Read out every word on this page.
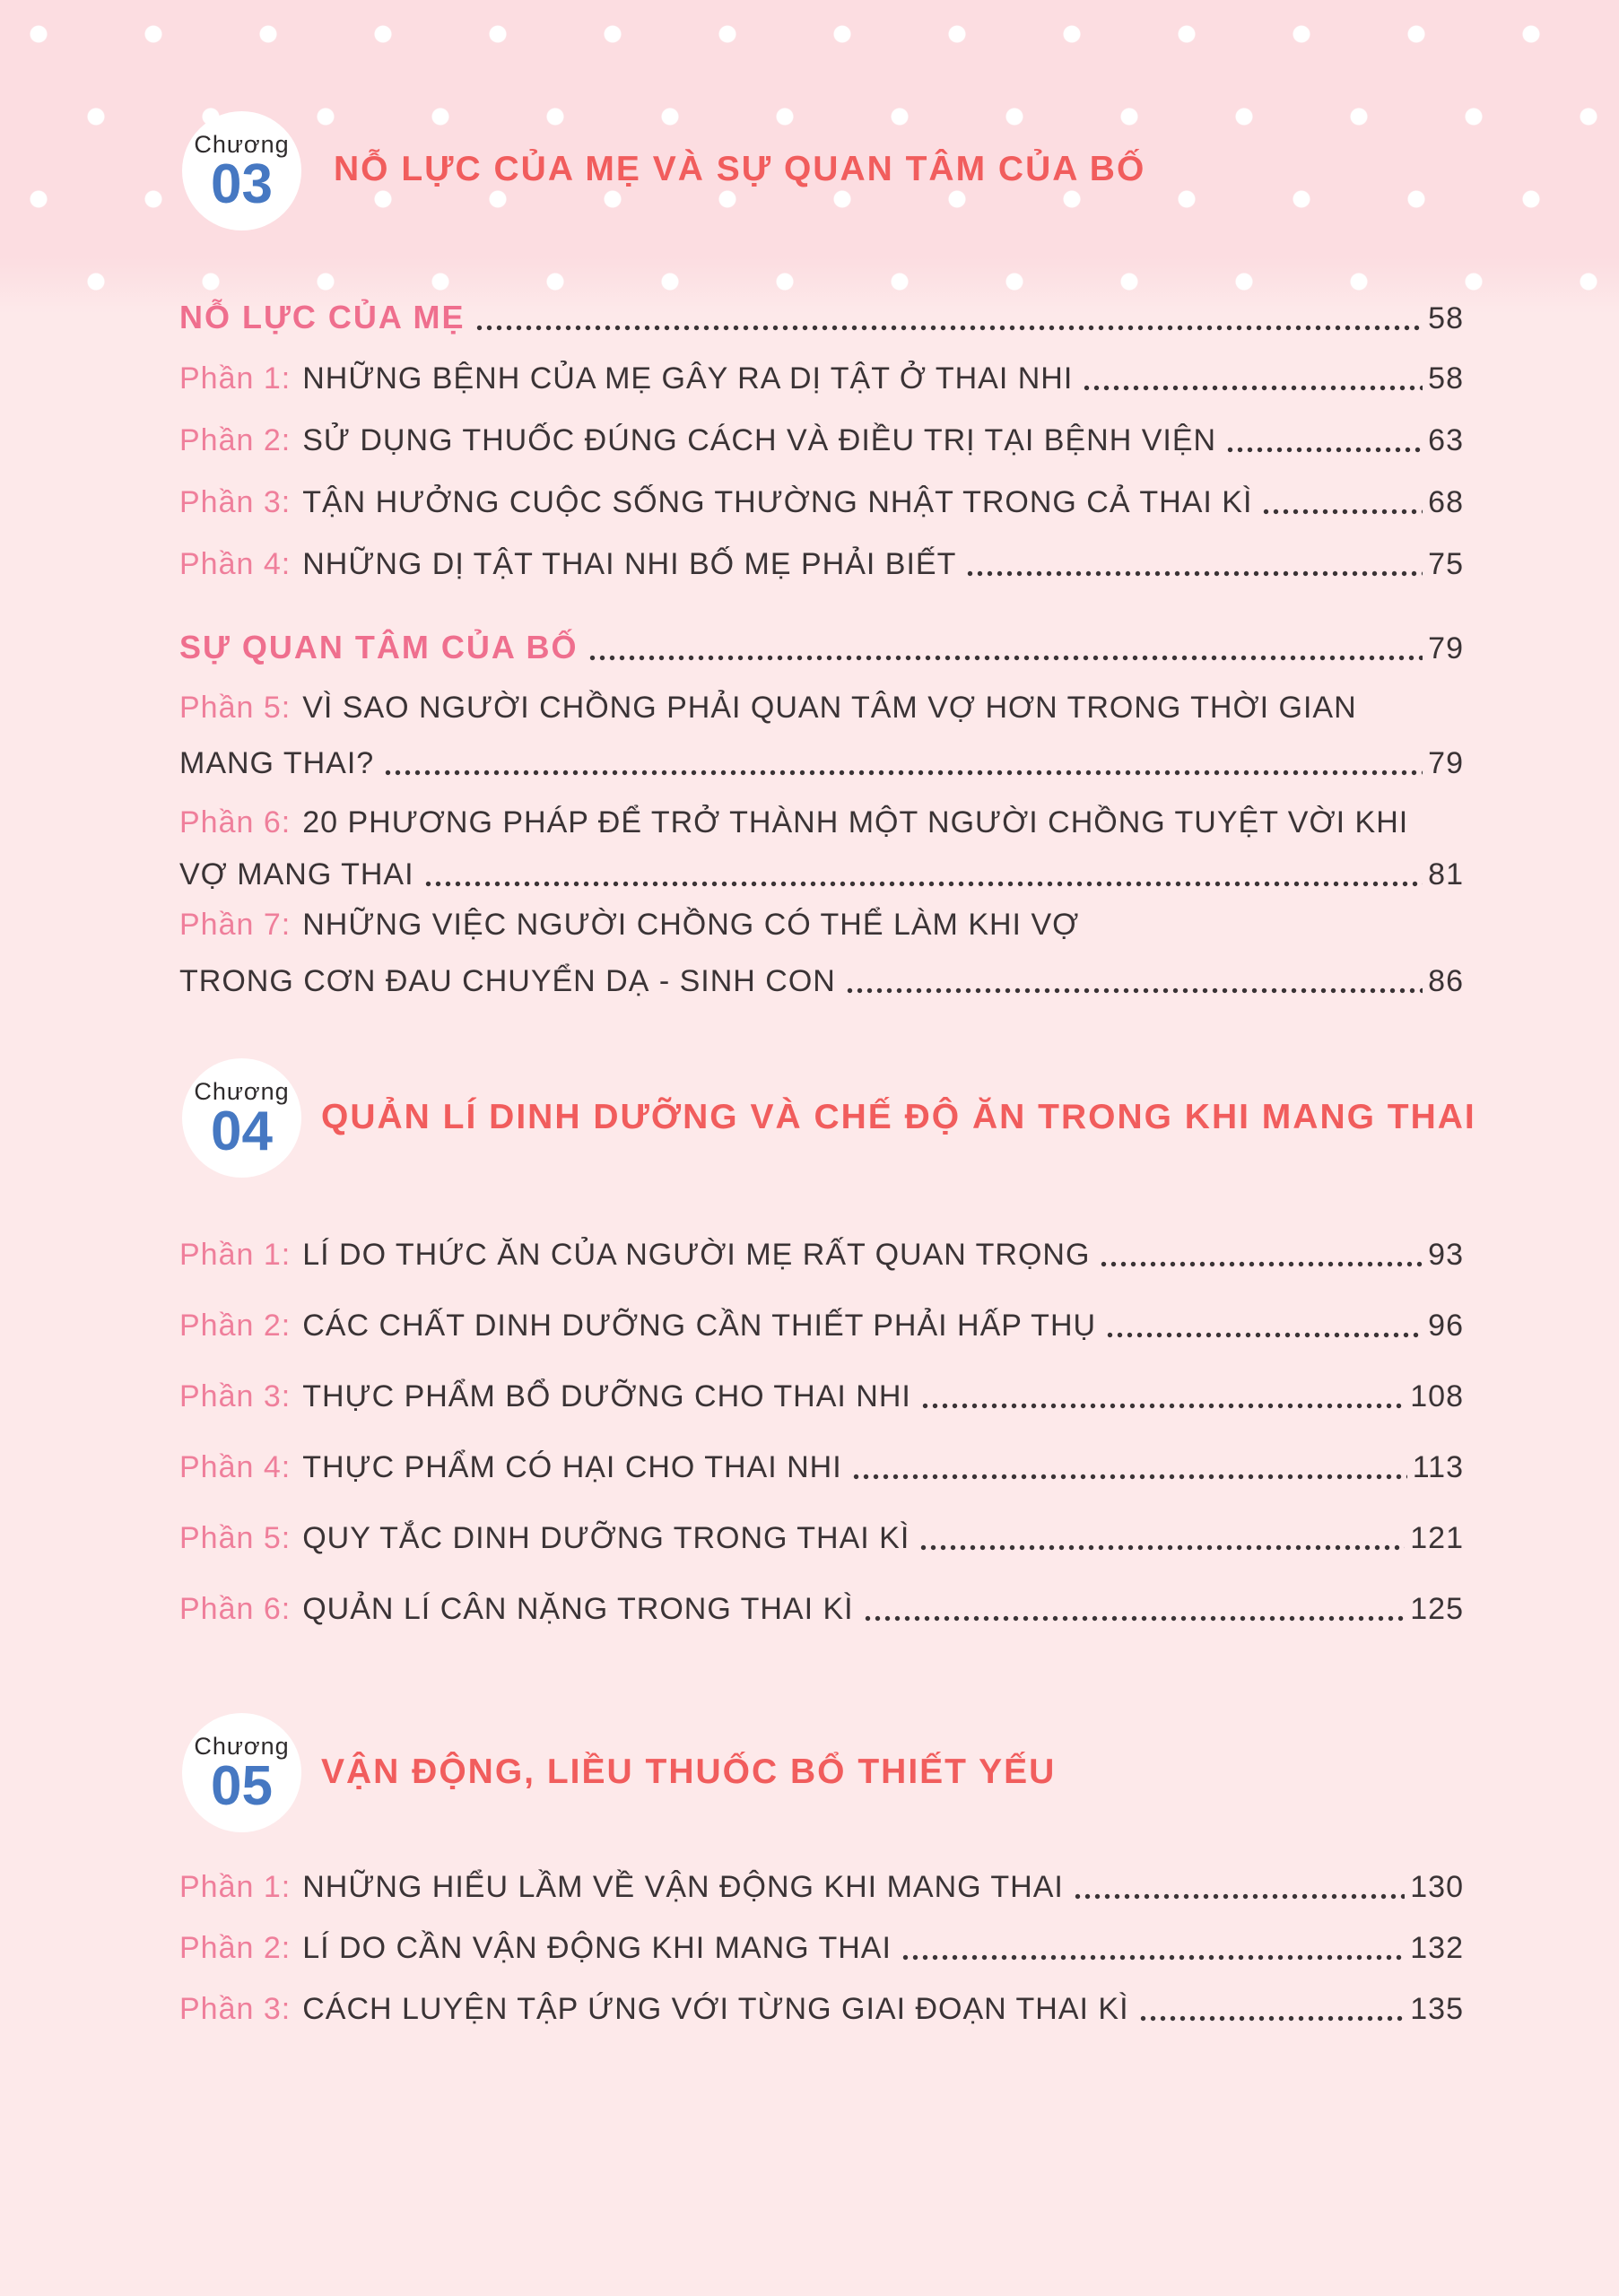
Chương
03 NỖ LỰC CỦA MẸ VÀ SỰ QUAN TÂM CỦA BỐ
NỖ LỰC CỦA MẸ	58
Phần 1: NHỮNG BỆNH CỦA MẸ GÂY RA DỊ TẬT Ở THAI NHI	58
Phần 2: SỬ DỤNG THUỐC ĐÚNG CÁCH VÀ ĐIỀU TRỊ TẠI BỆNH VIỆN	63
Phần 3: TẬN HƯỞNG CUỘC SỐNG THƯỜNG NHẬT TRONG CẢ THAI KÌ	68
Phần 4: NHỮNG DỊ TẬT THAI NHI BỐ MẸ PHẢI BIẾT	75
SỰ QUAN TÂM CỦA BỐ	79
Phần 5: VÌ SAO NGƯỜI CHỒNG PHẢI QUAN TÂM VỢ HƠN TRONG THỜI GIAN
MANG THAI?	79
Phần 6: 20 PHƯƠNG PHÁP ĐỂ TRỞ THÀNH MỘT NGƯỜI CHỒNG TUYỆT VỜI KHI
VỢ MANG THAI	81
Phần 7: NHỮNG VIỆC NGƯỜI CHỒNG CÓ THỂ LÀM KHI VỢ
TRONG CƠN ĐAU CHUYỂN DẠ - SINH CON	86
Chương
04 QUẢN LÍ DINH DƯỠNG VÀ CHẾ ĐỘ ĂN TRONG KHI MANG THAI
Phần 1: LÍ DO THỨC ĂN CỦA NGƯỜI MẸ RẤT QUAN TRỌNG	93
Phần 2: CÁC CHẤT DINH DƯỠNG CẦN THIẾT PHẢI HẤP THỤ	96
Phần 3: THỰC PHẨM BỔ DƯỠNG CHO THAI NHI	108
Phần 4: THỰC PHẨM CÓ HẠI CHO THAI NHI	113
Phần 5: QUY TẮC DINH DƯỠNG TRONG THAI KÌ	121
Phần 6: QUẢN LÍ CÂN NẶNG TRONG THAI KÌ	125
Chương
05 VẬN ĐỘNG, LIỀU THUỐC BỔ THIẾT YẾU
Phần 1: NHỮNG HIỂU LẦM VỀ VẬN ĐỘNG KHI MANG THAI	130
Phần 2: LÍ DO CẦN VẬN ĐỘNG KHI MANG THAI	132
Phần 3: CÁCH LUYỆN TẬP ỨNG VỚI TỪNG GIAI ĐOẠN THAI KÌ	135
